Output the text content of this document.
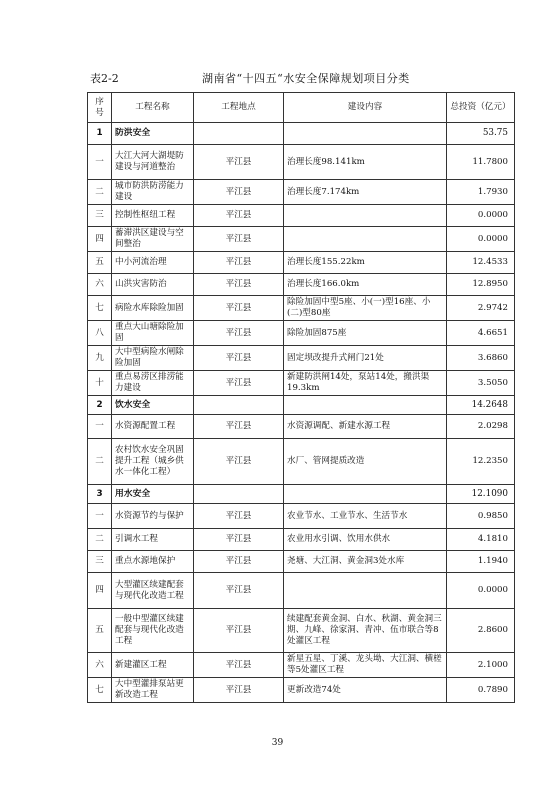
表2-2	湖南省“十四五“水安全保障规划项目分类
序号	工程名称	工程地点	建设内容	总投资（亿元）
1	防洪安全			53.75
一	大江大河大湖堤防建设与河道整治	平江县	治理长度98.141km	11.7800
二	城市防洪防涝能力建设	平江县	治理长度7.174km	1.7930
三	控制性枢纽工程	平江县		0.0000
四	蓄滞洪区建设与空间整治	平江县		0.0000
五	中小河流治理	平江县	治理长度155.22km	12.4533
六	山洪灾害防治	平江县	治理长度166.0km	12.8950
七	病险水库除险加固	平江县	除险加固中型5座、小(一)型16座、小(二)型80座	2.9742
八	重点大山塘除险加固	平江县	除险加固875座	4.6651
九	大中型病险水闸除险加固	平江县	固定坝改提升式闸门21处	3.6860
十	重点易涝区排涝能力建设	平江县	新建防洪闸14处，泵站14处，搬洪渠19.3km	3.5050
2	饮水安全			14.2648
一	水资源配置工程	平江县	水资源调配、新建水源工程	2.0298
二	农村饮水安全巩固提升工程（城乡供水一体化工程）	平江县	水厂、管网提质改造	12.2350
3	用水安全			12.1090
一	水资源节约与保护	平江县	农业节水、工业节水、生活节水	0.9850
二	引调水工程	平江县	农业用水引调、饮用水供水	4.1810
三	重点水源地保护	平江县	尧塘、大江洞、黄金洞3处水库	1.1940
四	大型灌区续建配套与现代化改造工程	平江县		0.0000
五	一般中型灌区续建配套与现代化改造工程	平江县	续建配套黄金洞、白水、秋湖、黄金洞三期、九峰、徐家洞、青冲、伍市联合等8处灌区工程	2.8600
六	新建灌区工程	平江县	新星五星、丁溪、龙头坳、大江洞、横槎等5处灌区工程	2.1000
七	大中型灌排泵站更新改造工程	平江县	更新改造74处	0.7890
39
